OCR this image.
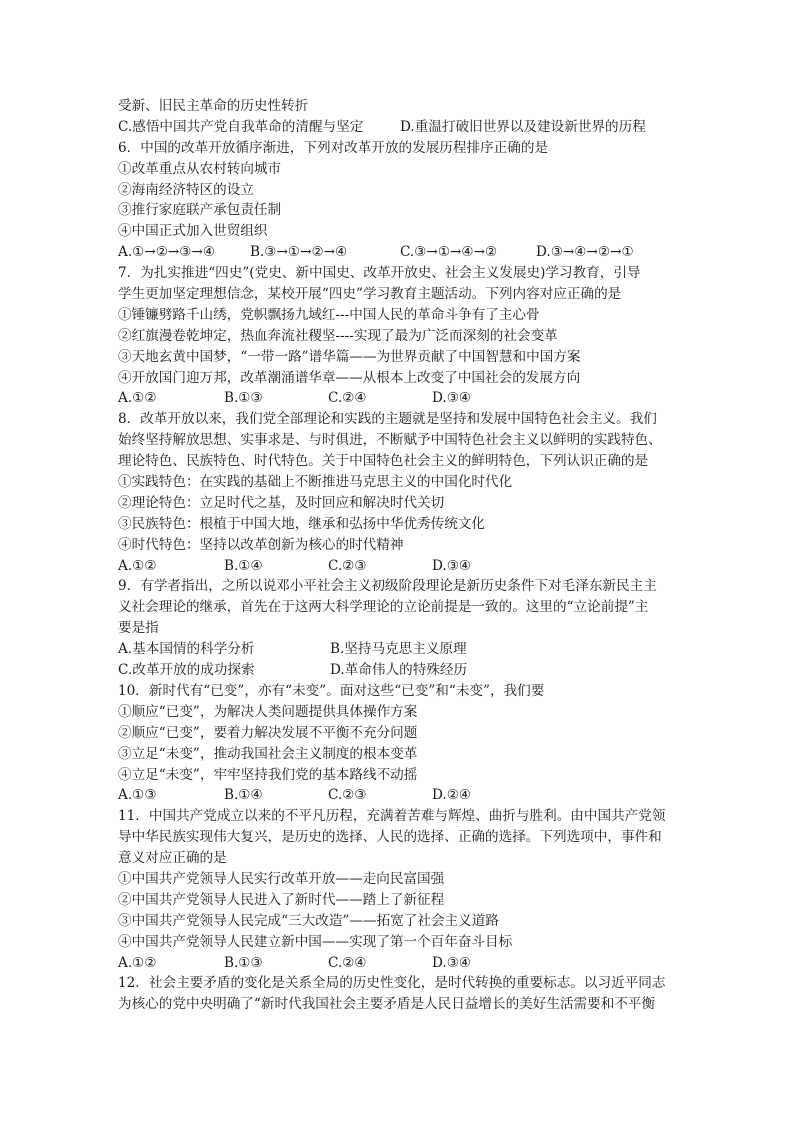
受新、旧民主革命的历史性转折
C.感悟中国共产党自我革命的清醒与坚定	D.重温打破旧世界以及建设新世界的历程
6．中国的改革开放循序渐进，下列对改革开放的发展历程排序正确的是
①改革重点从农村转向城市
②海南经济特区的设立
③推行家庭联产承包责任制
④中国正式加入世贸组织
A.①→②→③→④	B.③→①→②→④	C.③→①→④→②	D.③→④→②→①
7．为扎实推进“四史”(党史、新中国史、改革开放史、社会主义发展史)学习教育，引导
学生更加坚定理想信念，某校开展“四史”学习教育主题活动。下列内容对应正确的是
①锤镰劈路千山绣，党帜飘扬九域红---中国人民的革命斗争有了主心骨
②红旗漫卷乾坤定，热血奔流社稷坚----实现了最为广泛而深刻的社会变革
③天地玄黄中国梦，“一带一路”谱华篇——为世界贡献了中国智慧和中国方案
④开放国门迎万邦，改革潮涌谱华章——从根本上改变了中国社会的发展方向
A.①②	B.①③	C.②④	D.③④
8．改革开放以来，我们党全部理论和实践的主题就是坚持和发展中国特色社会主义。我们
始终坚持解放思想、实事求是、与时俱进，不断赋予中国特色社会主义以鲜明的实践特色、
理论特色、民族特色、时代特色。关于中国特色社会主义的鲜明特色，下列认识正确的是
①实践特色：在实践的基础上不断推进马克思主义的中国化时代化
②理论特色：立足时代之基，及时回应和解决时代关切
③民族特色：根植于中国大地，继承和弘扬中华优秀传统文化
④时代特色：坚持以改革创新为核心的时代精神
A.①②	B.①④	C.②③	D.③④
9．有学者指出，之所以说邓小平社会主义初级阶段理论是新历史条件下对毛泽东新民主主
义社会理论的继承，首先在于这两大科学理论的立论前提是一致的。这里的“立论前提”主
要是指
A.基本国情的科学分析	B.坚持马克思主义原理
C.改革开放的成功探索	D.革命伟人的特殊经历
10．新时代有“已变”，亦有“未变”。面对这些“已变”和“未变”，我们要
①顺应“已变”，为解决人类问题提供具体操作方案
②顺应“已变”，要着力解决发展不平衡不充分问题
③立足“未变”，推动我国社会主义制度的根本变革
④立足“未变”，牢牢坚持我们党的基本路线不动摇
A.①③	B.①④	C.②③	D.②④
11．中国共产党成立以来的不平凡历程，充满着苦难与辉煌、曲折与胜利。由中国共产党领
导中华民族实现伟大复兴，是历史的选择、人民的选择、正确的选择。下列选项中，事件和
意义对应正确的是
①中国共产党领导人民实行改革开放——走向民富国强
②中国共产党领导人民进入了新时代——踏上了新征程
③中国共产党领导人民完成“三大改造”——拓宽了社会主义道路
④中国共产党领导人民建立新中国——实现了第一个百年奋斗目标
A.①②	B.①③	C.②④	D.③④
12．社会主要矛盾的变化是关系全局的历史性变化，是时代转换的重要标志。以习近平同志
为核心的党中央明确了“新时代我国社会主要矛盾是人民日益增长的美好生活需要和不平衡
